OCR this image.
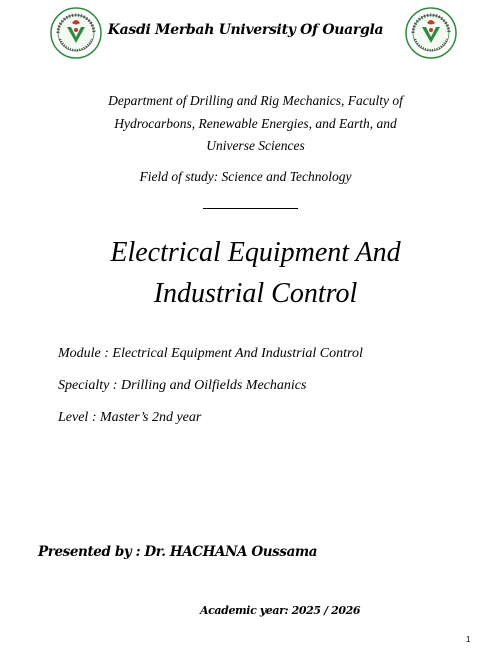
Kasdi Merbah University Of Ouargla
Department of Drilling and Rig Mechanics, Faculty of
Hydrocarbons, Renewable Energies, and Earth, and
Universe Sciences
Field of study: Science and Technology
Electrical Equipment And
Industrial Control
Module : Electrical Equipment And Industrial Control
Specialty : Drilling and Oilfields Mechanics
Level : Master’s 2nd year
Presented by : Dr. HACHANA Oussama
Academic year: 2025 / 2026
1
